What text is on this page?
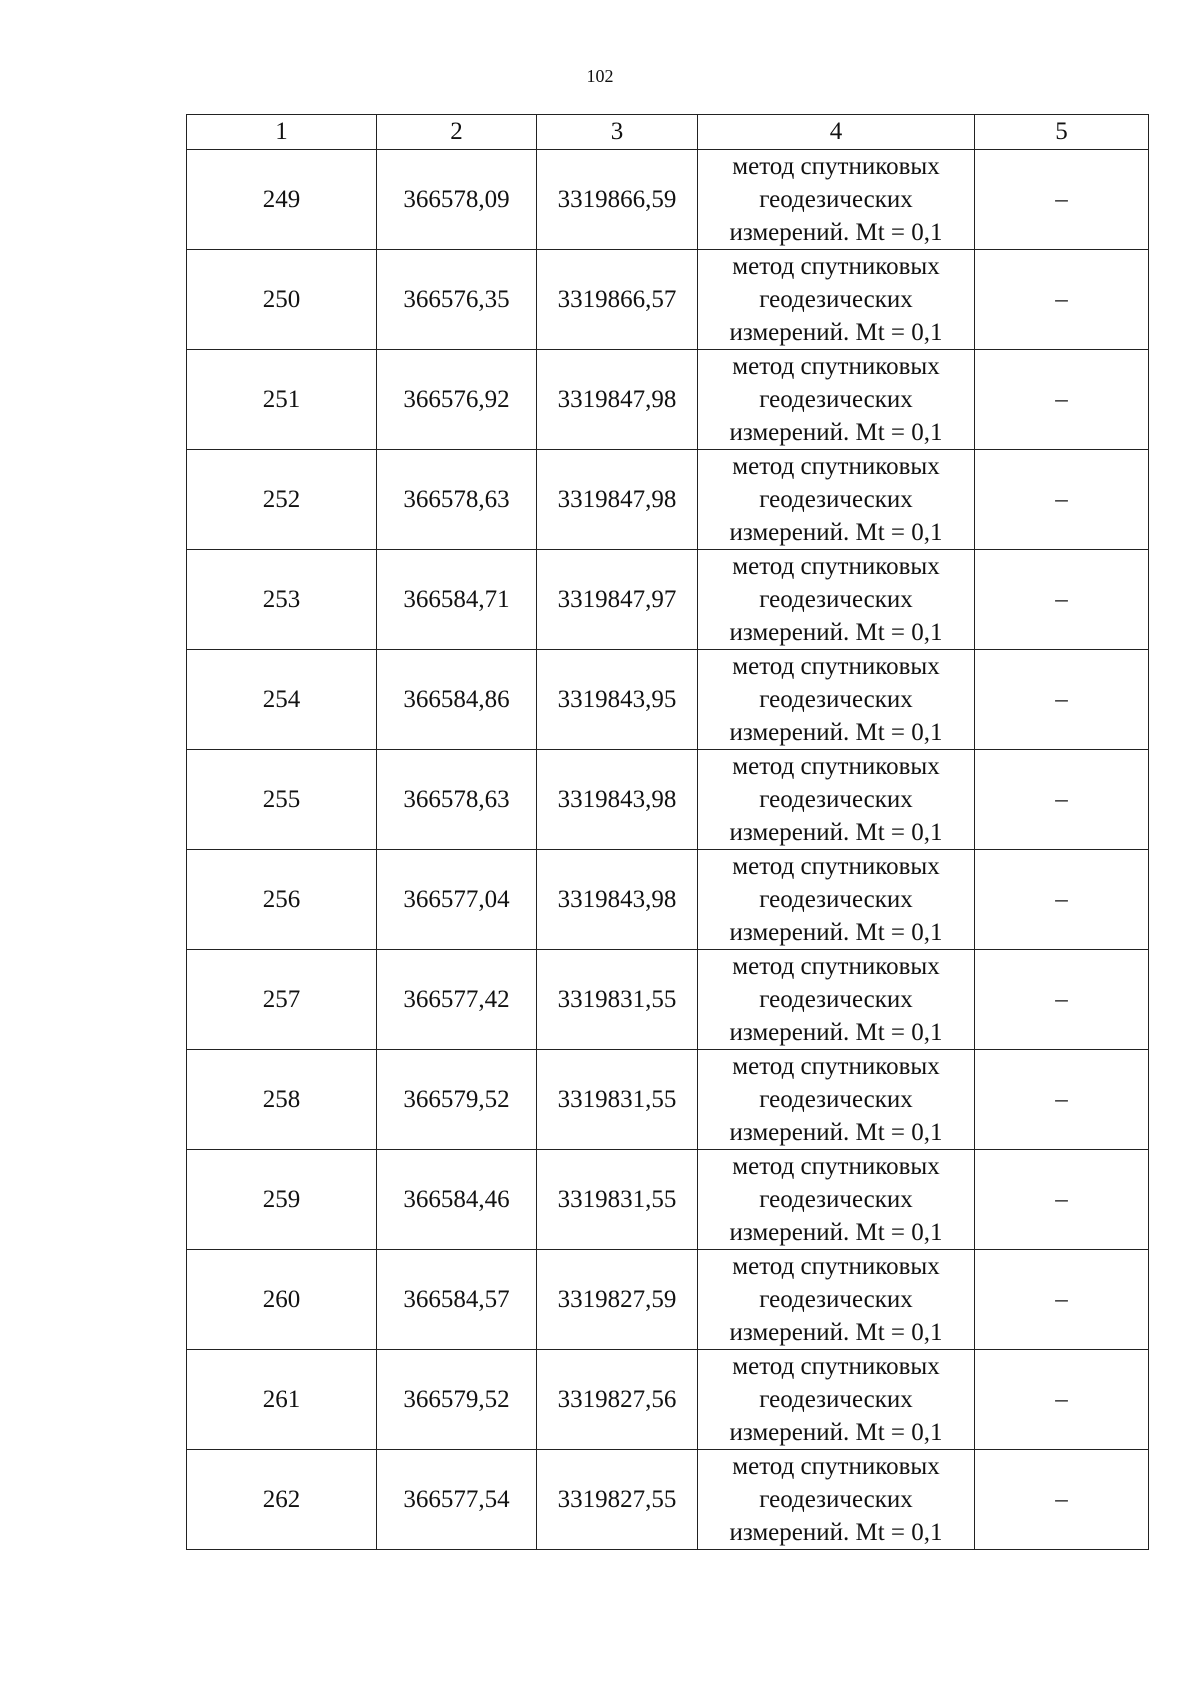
102
1	2	3	4	5
249	366578,09	3319866,59	метод спутниковых
геодезических
измерений. Mt = 0,1	–
250	366576,35	3319866,57	метод спутниковых
геодезических
измерений. Mt = 0,1	–
251	366576,92	3319847,98	метод спутниковых
геодезических
измерений. Mt = 0,1	–
252	366578,63	3319847,98	метод спутниковых
геодезических
измерений. Mt = 0,1	–
253	366584,71	3319847,97	метод спутниковых
геодезических
измерений. Mt = 0,1	–
254	366584,86	3319843,95	метод спутниковых
геодезических
измерений. Mt = 0,1	–
255	366578,63	3319843,98	метод спутниковых
геодезических
измерений. Mt = 0,1	–
256	366577,04	3319843,98	метод спутниковых
геодезических
измерений. Mt = 0,1	–
257	366577,42	3319831,55	метод спутниковых
геодезических
измерений. Mt = 0,1	–
258	366579,52	3319831,55	метод спутниковых
геодезических
измерений. Mt = 0,1	–
259	366584,46	3319831,55	метод спутниковых
геодезических
измерений. Mt = 0,1	–
260	366584,57	3319827,59	метод спутниковых
геодезических
измерений. Mt = 0,1	–
261	366579,52	3319827,56	метод спутниковых
геодезических
измерений. Mt = 0,1	–
262	366577,54	3319827,55	метод спутниковых
геодезических
измерений. Mt = 0,1	–
